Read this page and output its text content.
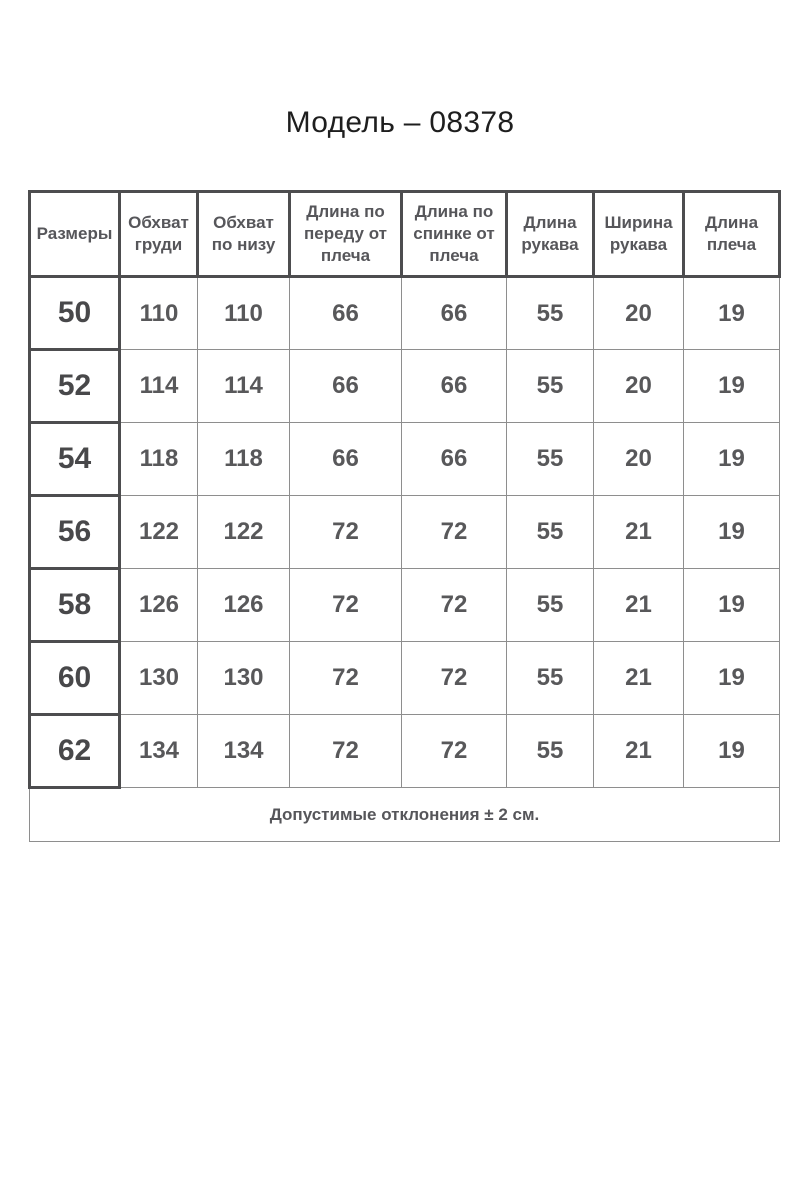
Модель – 08378
Размеры	Обхват груди	Обхват по низу	Длина по переду от плеча	Длина по спинке от плеча	Длина рукава	Ширина рукава	Длина плеча
50	110	110	66	66	55	20	19
52	114	114	66	66	55	20	19
54	118	118	66	66	55	20	19
56	122	122	72	72	55	21	19
58	126	126	72	72	55	21	19
60	130	130	72	72	55	21	19
62	134	134	72	72	55	21	19
Допустимые отклонения ± 2 см.							
